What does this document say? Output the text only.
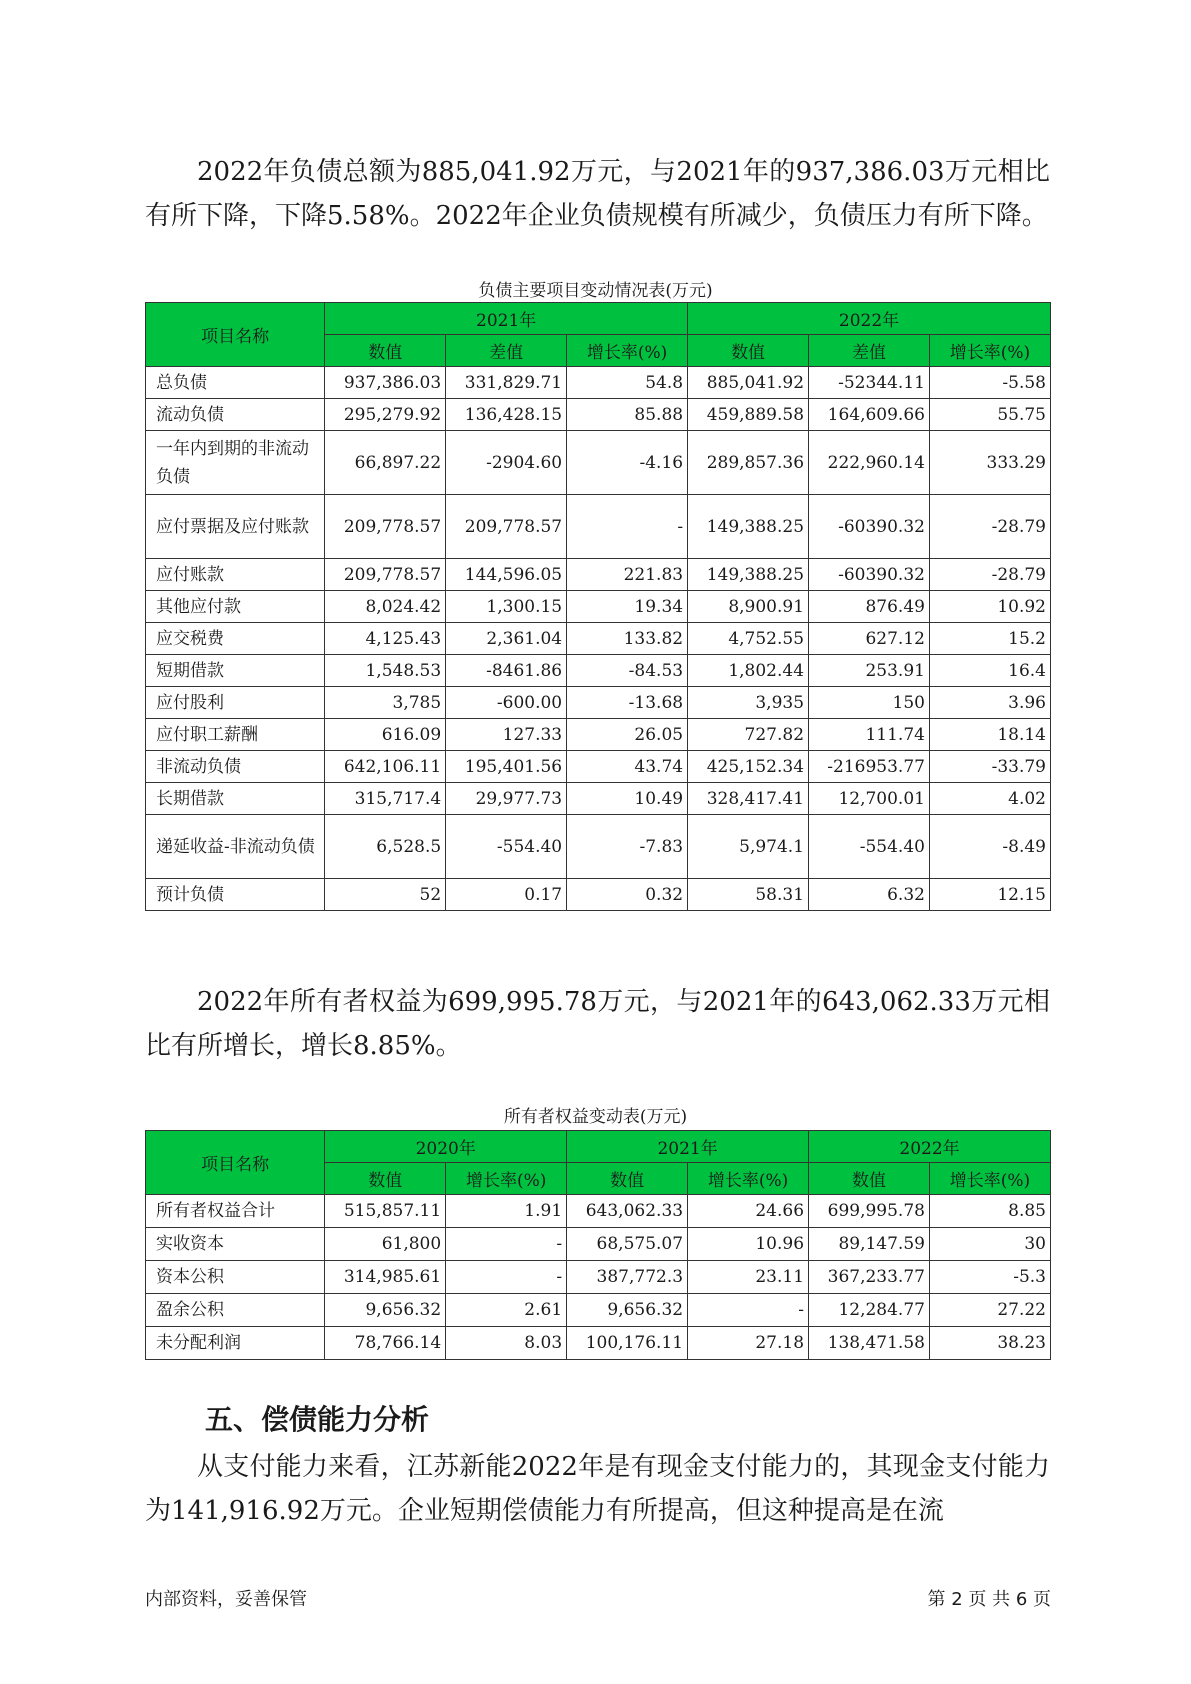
2022年负债总额为885,041.92万元，与2021年的937,386.03万元相比有所下降，下降5.58%。2022年企业负债规模有所减少，负债压力有所下降。
负债主要项目变动情况表(万元)
项目名称	2021年			2022年		
	数值	差值	增长率(%)	数值	差值	增长率(%)
总负债	937,386.03	331,829.71	54.8	885,041.92	-52344.11	-5.58
流动负债	295,279.92	136,428.15	85.88	459,889.58	164,609.66	55.75
一年内到期的非流动负债	66,897.22	-2904.60	-4.16	289,857.36	222,960.14	333.29
应付票据及应付账款	209,778.57	209,778.57	-	149,388.25	-60390.32	-28.79
应付账款	209,778.57	144,596.05	221.83	149,388.25	-60390.32	-28.79
其他应付款	8,024.42	1,300.15	19.34	8,900.91	876.49	10.92
应交税费	4,125.43	2,361.04	133.82	4,752.55	627.12	15.2
短期借款	1,548.53	-8461.86	-84.53	1,802.44	253.91	16.4
应付股利	3,785	-600.00	-13.68	3,935	150	3.96
应付职工薪酬	616.09	127.33	26.05	727.82	111.74	18.14
非流动负债	642,106.11	195,401.56	43.74	425,152.34	-216953.77	-33.79
长期借款	315,717.4	29,977.73	10.49	328,417.41	12,700.01	4.02
递延收益-非流动负债	6,528.5	-554.40	-7.83	5,974.1	-554.40	-8.49
预计负债	52	0.17	0.32	58.31	6.32	12.15
2022年所有者权益为699,995.78万元，与2021年的643,062.33万元相比有所增长，增长8.85%。
所有者权益变动表(万元)
项目名称	2020年		2021年		2022年	
	数值	增长率(%)	数值	增长率(%)	数值	增长率(%)
所有者权益合计	515,857.11	1.91	643,062.33	24.66	699,995.78	8.85
实收资本	61,800	-	68,575.07	10.96	89,147.59	30
资本公积	314,985.61	-	387,772.3	23.11	367,233.77	-5.3
盈余公积	9,656.32	2.61	9,656.32	-	12,284.77	27.22
未分配利润	78,766.14	8.03	100,176.11	27.18	138,471.58	38.23
五、偿债能力分析
从支付能力来看，江苏新能2022年是有现金支付能力的，其现金支付能力为141,916.92万元。企业短期偿债能力有所提高，但这种提高是在流
内部资料，妥善保管	第 2 页 共 6 页
